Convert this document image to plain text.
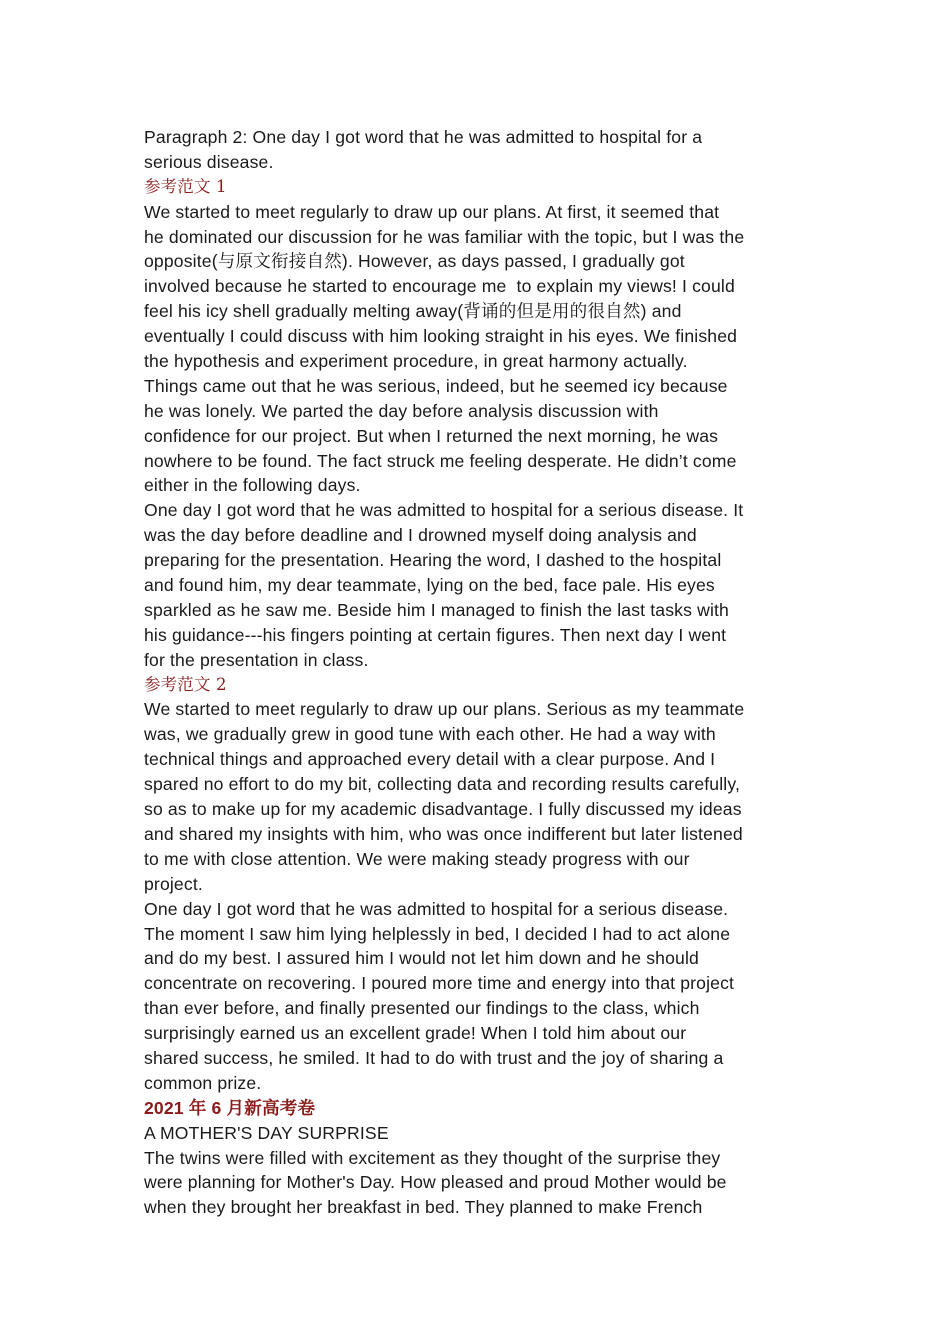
Paragraph 2: One day I got word that he was admitted to hospital for a
serious disease.
参考范文 1
We started to meet regularly to draw up our plans. At first, it seemed that
he dominated our discussion for he was familiar with the topic, but I was the
opposite(与原文衔接自然). However, as days passed, I gradually got
involved because he started to encourage me  to explain my views! I could
feel his icy shell gradually melting away(背诵的但是用的很自然) and
eventually I could discuss with him looking straight in his eyes. We finished
the hypothesis and experiment procedure, in great harmony actually.
Things came out that he was serious, indeed, but he seemed icy because
he was lonely. We parted the day before analysis discussion with
confidence for our project. But when I returned the next morning, he was
nowhere to be found. The fact struck me feeling desperate. He didn’t come
either in the following days.
One day I got word that he was admitted to hospital for a serious disease. It
was the day before deadline and I drowned myself doing analysis and
preparing for the presentation. Hearing the word, I dashed to the hospital
and found him, my dear teammate, lying on the bed, face pale. His eyes
sparkled as he saw me. Beside him I managed to finish the last tasks with
his guidance---his fingers pointing at certain figures. Then next day I went
for the presentation in class.
参考范文 2
We started to meet regularly to draw up our plans. Serious as my teammate
was, we gradually grew in good tune with each other. He had a way with
technical things and approached every detail with a clear purpose. And I
spared no effort to do my bit, collecting data and recording results carefully,
so as to make up for my academic disadvantage. I fully discussed my ideas
and shared my insights with him, who was once indifferent but later listened
to me with close attention. We were making steady progress with our
project.
One day I got word that he was admitted to hospital for a serious disease.
The moment I saw him lying helplessly in bed, I decided I had to act alone
and do my best. I assured him I would not let him down and he should
concentrate on recovering. I poured more time and energy into that project
than ever before, and finally presented our findings to the class, which
surprisingly earned us an excellent grade! When I told him about our
shared success, he smiled. It had to do with trust and the joy of sharing a
common prize.
2021 年 6 月新高考卷
A MOTHER'S DAY SURPRISE
The twins were filled with excitement as they thought of the surprise they
were planning for Mother's Day. How pleased and proud Mother would be
when they brought her breakfast in bed. They planned to make French
